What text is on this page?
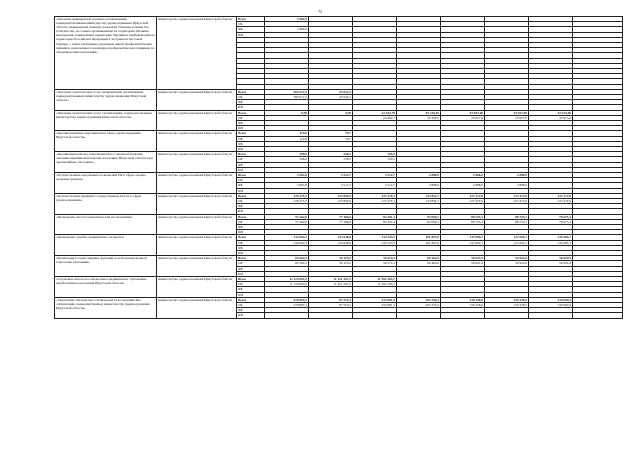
72
«Оказание медицинской помощи организациями, подведомственными министерству здравоохранения Иркутской области, медицинской помощи гражданам Украины и лицам без гражданства, постоянно проживающим на территории Украины, вынужденно покинувшим территорию Украины и прибывающим на территорию Российской Федерации в экстренном массовом порядке, а также проведение указанным лицам профилактических прививок, включенных в календарь профилактических прививок по эпидемическим показаниям»	министерство здравоохранения Иркутской области	Всего	5 982,0							
		ОБ								
		ФБ	5 982,0							
		ИИ								

«Оказание транспортных услуг медицинским организациям, подведомственным министерству здравоохранения Иркутской области»	министерство здравоохранения Иркутской области	Всего	399 612,2	25 644,5						
		ОБ	399 612,2	25 644,5						
		ФБ								
		ИИ								
«Оказание транспортных услуг организациям, подведомственным министерству здравоохранения Иркутской области»	министерство здравоохранения Иркутской области	Всего	0,00	0,00	24 492,70	35 436,50	33 957,60	33 957,60	32 015,00	
		ОБ			24 492,7	35 436,5	33 957,6	33 957,6	32 015,0	
		ФБ								
		ИИ								
«Организационные мероприятия в сфере здравоохранения Иркутской области»	министерство здравоохранения Иркутской области	Всего	119,0	70,7						
		ОБ	119,0	70,7						
		ФБ								
		ИИ								
«Организация работы, направленной на совершенствование оказания медицинской помощи населению Иркутской области при чрезвычайных ситуациях»	министерство здравоохранения Иркутской области	Всего	598,0	538,2	726,5					
		ОБ	598,0	538,2	726,5					
		ФБ								
		ИИ								
«Осуществление переданных полномочий РФ в сфере охраны здоровья граждан»	министерство здравоохранения Иркутской области	Всего	3 903,0	3 512,7	3 512,7	2 888,0	2 888,0	2 888,0		
		ОБ								
		ФБ	3 903,0	3 512,7	3 512,7	2 888,0	2 888,0	2 888,0		
		ИИ								
«Осуществление функций государственной власти в сфере здравоохранения»	министерство здравоохранения Иркутской области	Всего	128 475,7	123 809,9	123 476,1	134 894,7	127 474,9	123 474,9	123 474,9	
		ОБ	128 475,7	123 809,9	123 476,1	134 894,7	127 474,9	123 474,9	123 474,9	
		ФБ								
		ИИ								
«Проведение патологоанатомических исследований»	министерство здравоохранения Иркутской области	Всего	57 462,0	77 186,6	82 301,4	92 090,1	88 733,1	88 733,1	78 675,1	
		ОБ	57 462,0	77 186,6	82 301,4	92 090,1	88 733,1	88 733,1	78 675,1	
		ФБ								
		ИИ								
«Проведение судебно-медицинских экспертиз»	министерство здравоохранения Иркутской области	Всего	144 602,2	134 948,8	142 333,5	181 867,6	147 600,1	147 600,1	139 483,1	
		ОБ	144 602,2	134 948,8	142 333,5	181 867,6	147 600,1	147 600,1	139 483,1	
		ФБ								
		ИИ								
«Реализация государственных функций по избалансированной подготовке экономики»	министерство здравоохранения Иркутской области	Всего	60 364,5	56 110,2	58 272,2	60 464,9	56 947,9	56 924,9	56 924,9	
		ОБ	60 364,5	56 110,2	58 272,2	60 464,9	56 947,9	56 924,9	56 924,9	
		ФБ								
		ИИ								
«Страховые взносы на обязательное медицинское страхование неработающего населения Иркутской области»	министерство здравоохранения Иркутской области	Всего	11 119 693,2	11 451 267,5	11 592 183,7					
		ОБ	11 119 693,2	11 451 267,5	11 592 183,7					
		ФБ								
		ИИ								
«Укрепление материально-технической базы медицинских организаций, подведомственных министерству здравоохранения Иркутской области»	министерство здравоохранения Иркутской области	Всего	278 893,1	87 519,5	434 981,5	293 250,4	130 458,6	130 478,5	130 960,4	
		ОБ	278 893,1	87 519,5	434 981,5	293 250,4	130 458,6	130 478,5	130 960,4	
		ФБ								
		ИИ								
